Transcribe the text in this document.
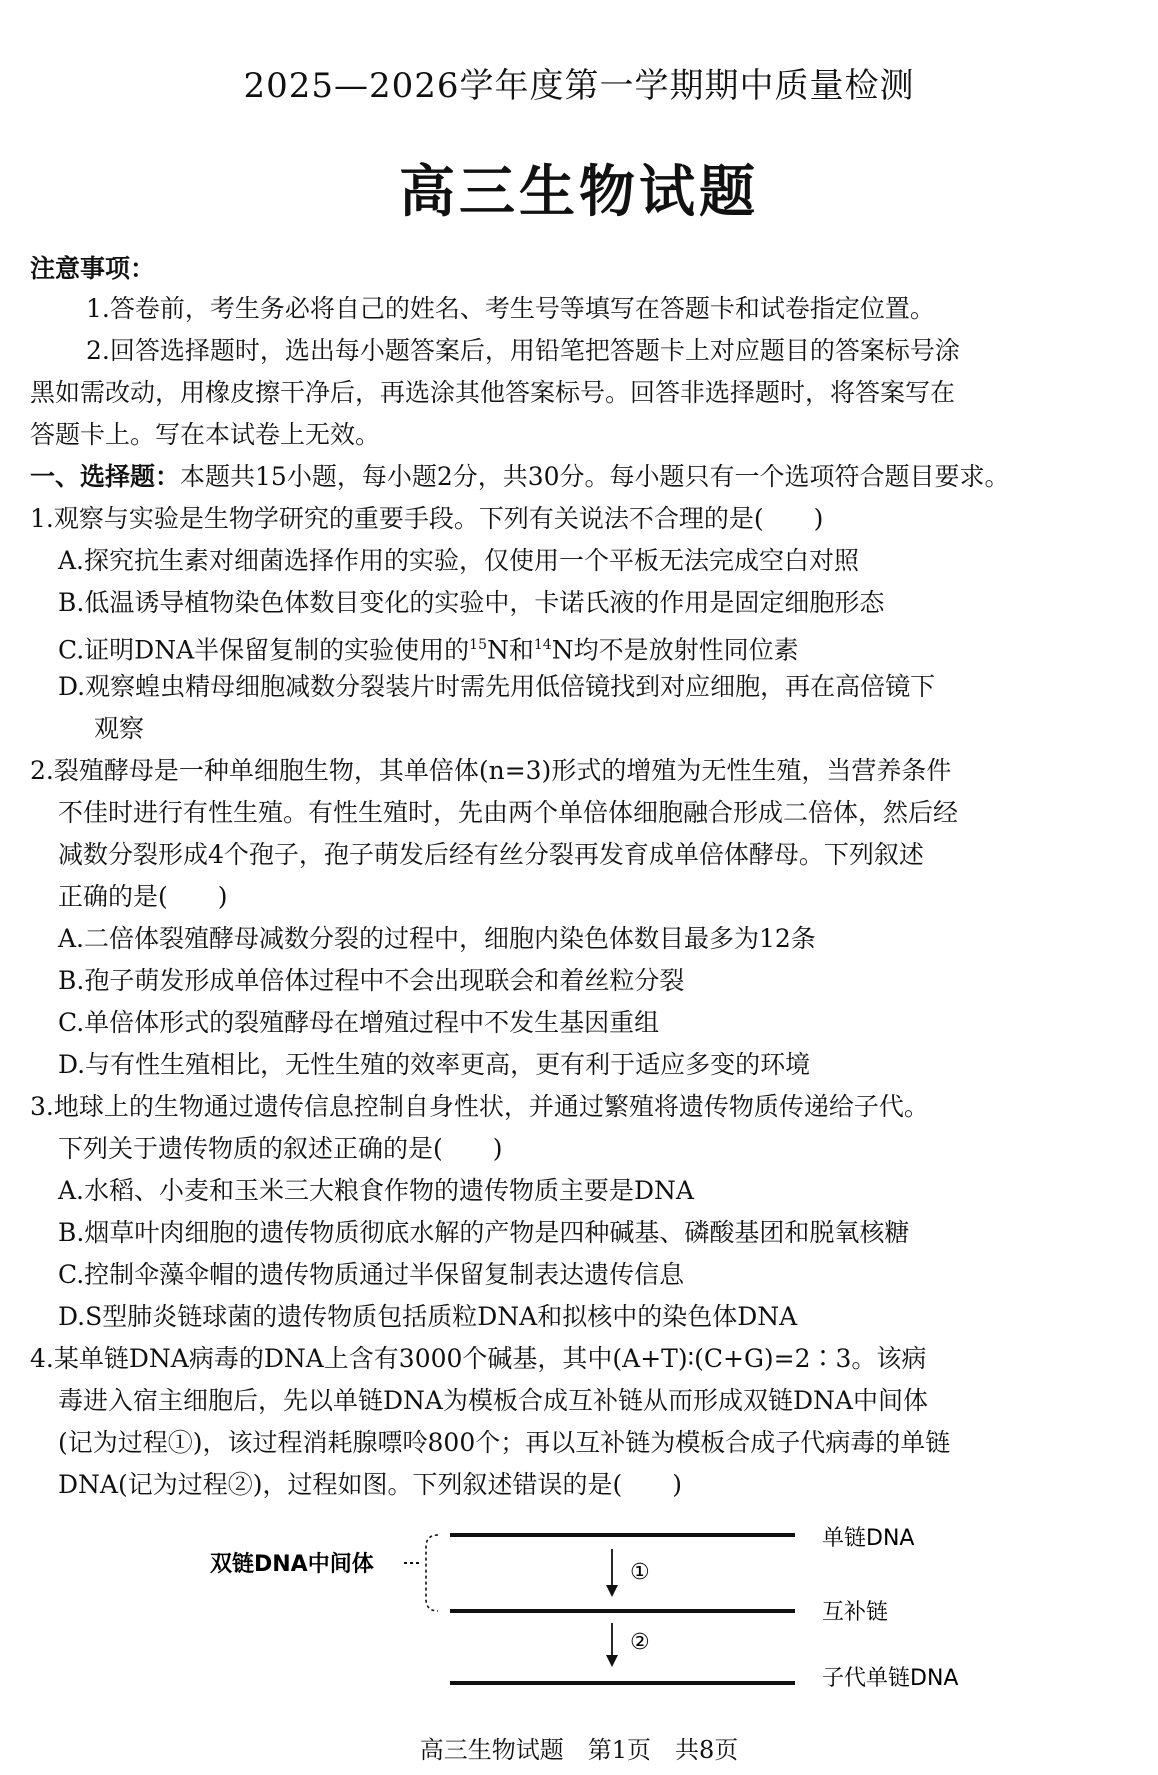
2025—2026学年度第一学期期中质量检测
高三生物试题
注意事项：
1.答卷前，考生务必将自己的姓名、考生号等填写在答题卡和试卷指定位置。
2.回答选择题时，选出每小题答案后，用铅笔把答题卡上对应题目的答案标号涂
黑如需改动，用橡皮擦干净后，再选涂其他答案标号。回答非选择题时，将答案写在
答题卡上。写在本试卷上无效。
一、选择题：本题共15小题，每小题2分，共30分。每小题只有一个选项符合题目要求。
1.观察与实验是生物学研究的重要手段。下列有关说法不合理的是(　　)
A.探究抗生素对细菌选择作用的实验，仅使用一个平板无法完成空白对照
B.低温诱导植物染色体数目变化的实验中，卡诺氏液的作用是固定细胞形态
C.证明DNA半保留复制的实验使用的$^{15}$N和$^{14}$N均不是放射性同位素
D.观察蝗虫精母细胞减数分裂装片时需先用低倍镜找到对应细胞，再在高倍镜下
观察
2.裂殖酵母是一种单细胞生物，其单倍体(n=3)形式的增殖为无性生殖，当营养条件
不佳时进行有性生殖。有性生殖时，先由两个单倍体细胞融合形成二倍体，然后经
减数分裂形成4个孢子，孢子萌发后经有丝分裂再发育成单倍体酵母。下列叙述
正确的是(　　)
A.二倍体裂殖酵母减数分裂的过程中，细胞内染色体数目最多为12条
B.孢子萌发形成单倍体过程中不会出现联会和着丝粒分裂
C.单倍体形式的裂殖酵母在增殖过程中不发生基因重组
D.与有性生殖相比，无性生殖的效率更高，更有利于适应多变的环境
3.地球上的生物通过遗传信息控制自身性状，并通过繁殖将遗传物质传递给子代。
下列关于遗传物质的叙述正确的是(　　)
A.水稻、小麦和玉米三大粮食作物的遗传物质主要是DNA
B.烟草叶肉细胞的遗传物质彻底水解的产物是四种碱基、磷酸基团和脱氧核糖
C.控制伞藻伞帽的遗传物质通过半保留复制表达遗传信息
D.S型肺炎链球菌的遗传物质包括质粒DNA和拟核中的染色体DNA
4.某单链DNA病毒的DNA上含有3000个碱基，其中(A+T)∶(C+G)=2∶3。该病
毒进入宿主细胞后，先以单链DNA为模板合成互补链从而形成双链DNA中间体
(记为过程①)，该过程消耗腺嘌呤800个；再以互补链为模板合成子代病毒的单链
DNA(记为过程②)，过程如图。下列叙述错误的是(　　)
双链DNA中间体	①
②
单链DNA
互补链
子代单链DNA
高三生物试题　第1页　共8页
